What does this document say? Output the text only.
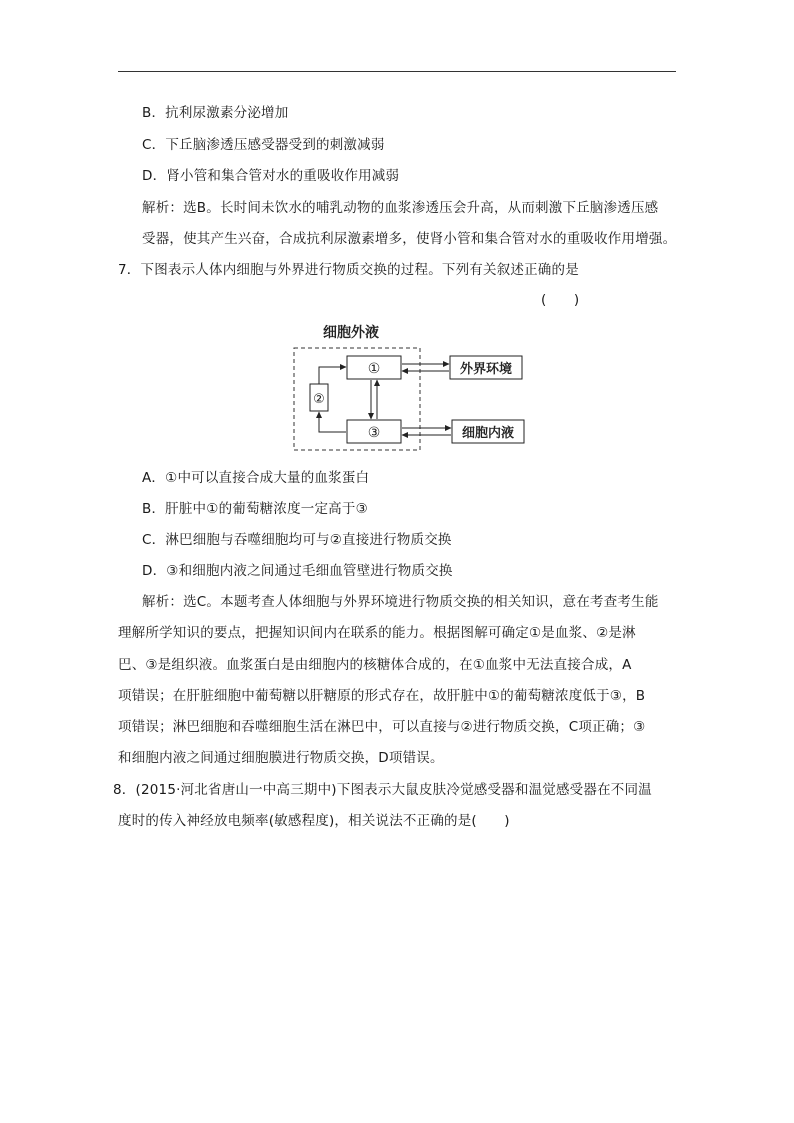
B．抗利尿激素分泌增加
C．下丘脑渗透压感受器受到的刺激减弱
D．肾小管和集合管对水的重吸收作用减弱
解析：选B。长时间未饮水的哺乳动物的血浆渗透压会升高，从而刺激下丘脑渗透压感
受器，使其产生兴奋，合成抗利尿激素增多，使肾小管和集合管对水的重吸收作用增强。
7．下图表示人体内细胞与外界进行物质交换的过程。下列有关叙述正确的是
(　　)
细胞外液
①
②
③
外界环境
细胞内液
A．①中可以直接合成大量的血浆蛋白
B．肝脏中①的葡萄糖浓度一定高于③
C．淋巴细胞与吞噬细胞均可与②直接进行物质交换
D．③和细胞内液之间通过毛细血管壁进行物质交换
解析：选C。本题考查人体细胞与外界环境进行物质交换的相关知识，意在考查考生能
理解所学知识的要点，把握知识间内在联系的能力。根据图解可确定①是血浆、②是淋
巴、③是组织液。血浆蛋白是由细胞内的核糖体合成的，在①血浆中无法直接合成，A
项错误；在肝脏细胞中葡萄糖以肝糖原的形式存在，故肝脏中①的葡萄糖浓度低于③，B
项错误；淋巴细胞和吞噬细胞生活在淋巴中，可以直接与②进行物质交换，C项正确；③
和细胞内液之间通过细胞膜进行物质交换，D项错误。
8．(2015·河北省唐山一中高三期中)下图表示大鼠皮肤冷觉感受器和温觉感受器在不同温
度时的传入神经放电频率(敏感程度)，相关说法不正确的是(　　)
